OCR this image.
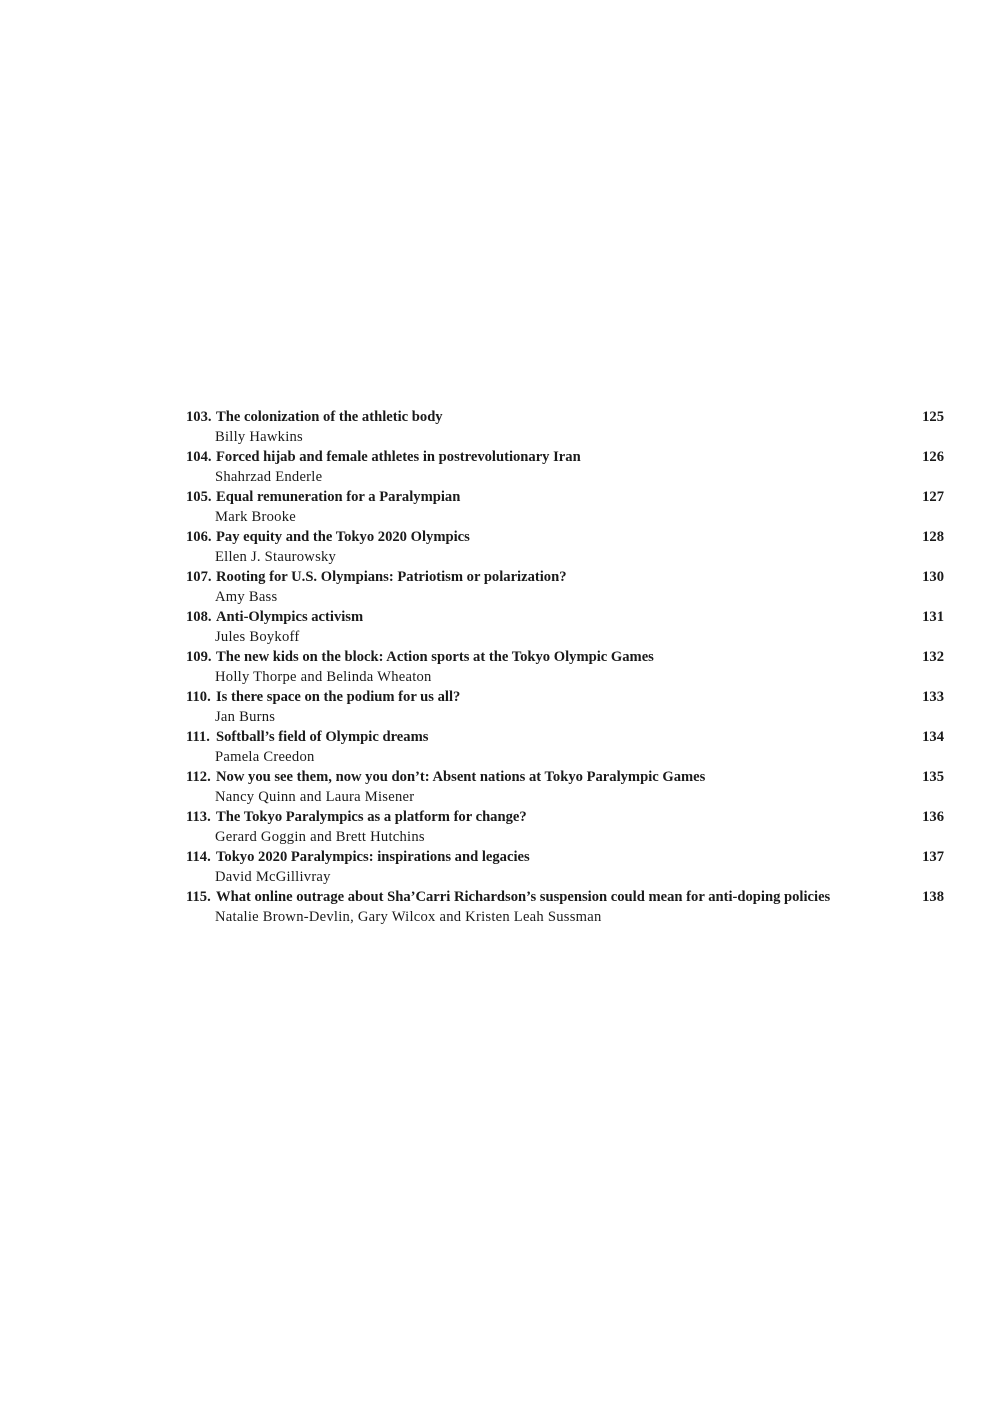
103. The colonization of the athletic body	125
Billy Hawkins
104. Forced hijab and female athletes in postrevolutionary Iran	126
Shahrzad Enderle
105. Equal remuneration for a Paralympian	127
Mark Brooke
106. Pay equity and the Tokyo 2020 Olympics	128
Ellen J. Staurowsky
107. Rooting for U.S. Olympians: Patriotism or polarization?	130
Amy Bass
108. Anti-Olympics activism	131
Jules Boykoff
109. The new kids on the block: Action sports at the Tokyo Olympic Games	132
Holly Thorpe and Belinda Wheaton
110. Is there space on the podium for us all?	133
Jan Burns
111. Softball’s field of Olympic dreams	134
Pamela Creedon
112. Now you see them, now you don’t: Absent nations at Tokyo Paralympic Games	135
Nancy Quinn and Laura Misener
113. The Tokyo Paralympics as a platform for change?	136
Gerard Goggin and Brett Hutchins
114. Tokyo 2020 Paralympics: inspirations and legacies	137
David McGillivray
115. What online outrage about Sha’Carri Richardson’s suspension could mean for anti-doping policies	138
Natalie Brown-Devlin, Gary Wilcox and Kristen Leah Sussman
